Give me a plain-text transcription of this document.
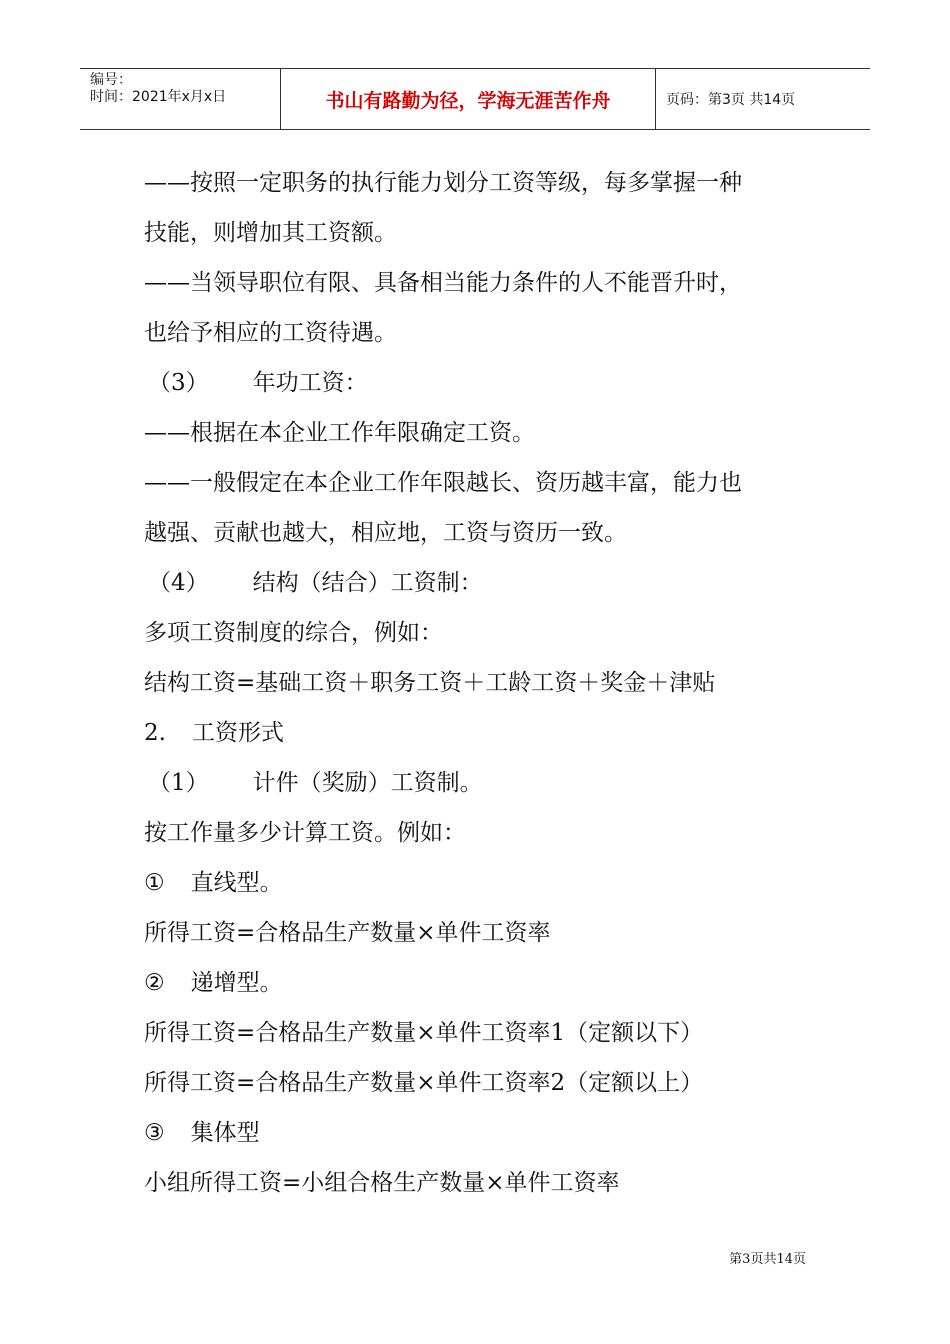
编号：
时间：2021年x月x日	书山有路勤为径，学海无涯苦作舟	页码：第3页 共14页

——按照一定职务的执行能力划分工资等级，每多掌握一种

技能，则增加其工资额。

——当领导职位有限、具备相当能力条件的人不能晋升时，

也给予相应的工资待遇。

（3） 年功工资：

——根据在本企业工作年限确定工资。

——一般假定在本企业工作年限越长、资历越丰富，能力也

越强、贡献也越大，相应地，工资与资历一致。

（4） 结构（结合）工资制：

多项工资制度的综合，例如：

结构工资=基础工资＋职务工资＋工龄工资＋奖金＋津贴

2. 工资形式

（1） 计件（奖励）工资制。

按工作量多少计算工资。例如：

① 直线型。

所得工资=合格品生产数量×单件工资率

② 递增型。

所得工资=合格品生产数量×单件工资率1（定额以下）

所得工资=合格品生产数量×单件工资率2（定额以上）

③ 集体型

小组所得工资=小组合格生产数量×单件工资率

第3页共14页
